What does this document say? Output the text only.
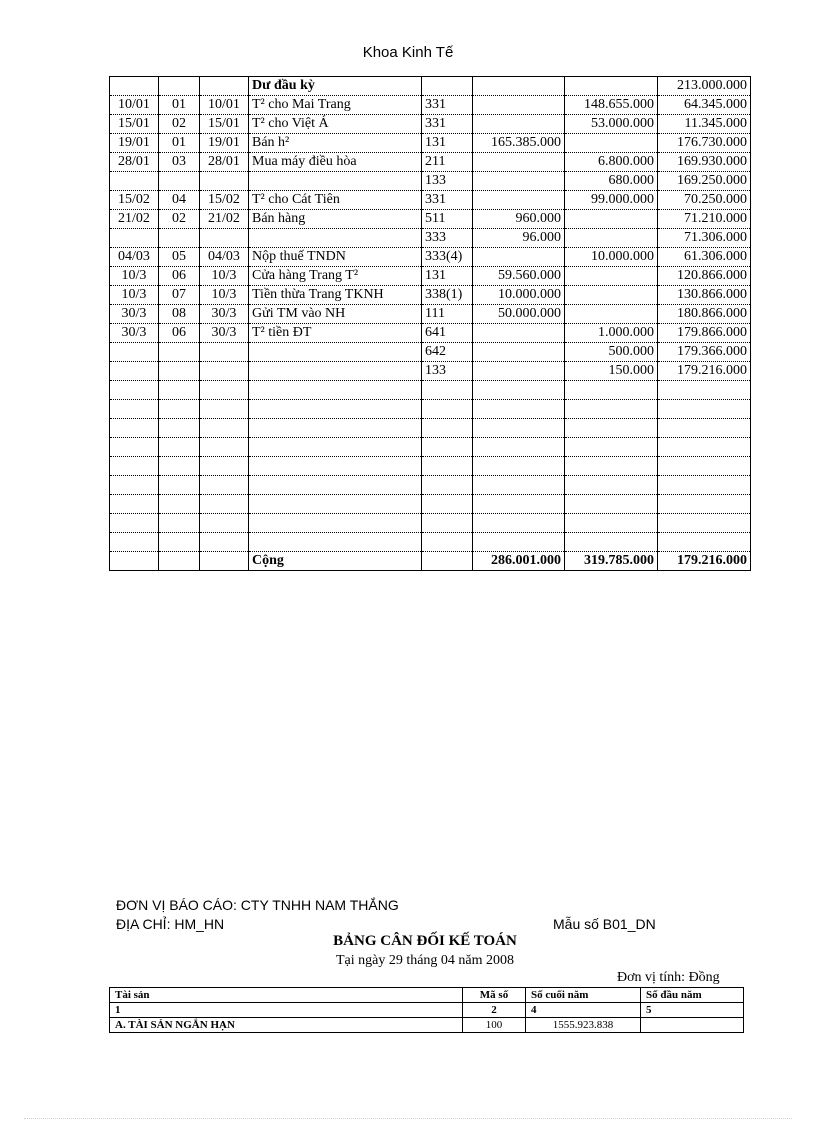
Khoa Kinh Tế
			Dư đầu kỳ				213.000.000
10/01	01	10/01	T² cho Mai Trang	331		148.655.000	64.345.000
15/01	02	15/01	T² cho Việt Á	331		53.000.000	11.345.000
19/01	01	19/01	Bán h²	131	165.385.000		176.730.000
28/01	03	28/01	Mua máy điều hòa	211		6.800.000	169.930.000
				133		680.000	169.250.000
15/02	04	15/02	T² cho Cát Tiên	331		99.000.000	70.250.000
21/02	02	21/02	Bán hàng	511	960.000		71.210.000
				333	96.000		71.306.000
04/03	05	04/03	Nộp thuế TNDN	333(4)		10.000.000	61.306.000
10/3	06	10/3	Cửa hàng Trang T²	131	59.560.000		120.866.000
10/3	07	10/3	Tiền thừa Trang TKNH	338(1)	10.000.000		130.866.000
30/3	08	30/3	Gửi TM vào NH	111	50.000.000		180.866.000
30/3	06	30/3	T² tiền ĐT	641		1.000.000	179.866.000
				642		500.000	179.366.000
				133		150.000	179.216.000

			Cộng		286.001.000	319.785.000	179.216.000
ĐƠN VỊ BÁO CÁO: CTY TNHH NAM THẮNG
ĐỊA CHỈ: HM_HN	Mẫu số B01_DN
BẢNG CÂN ĐỐI KẾ TOÁN
Tại ngày 29 tháng 04 năm 2008
Đơn vị tính: Đồng
Tài sản	Mã số	Số cuối năm	Số đầu năm
1	2	4	5
A. TÀI SẢN NGẮN HẠN	100	1555.923.838	
